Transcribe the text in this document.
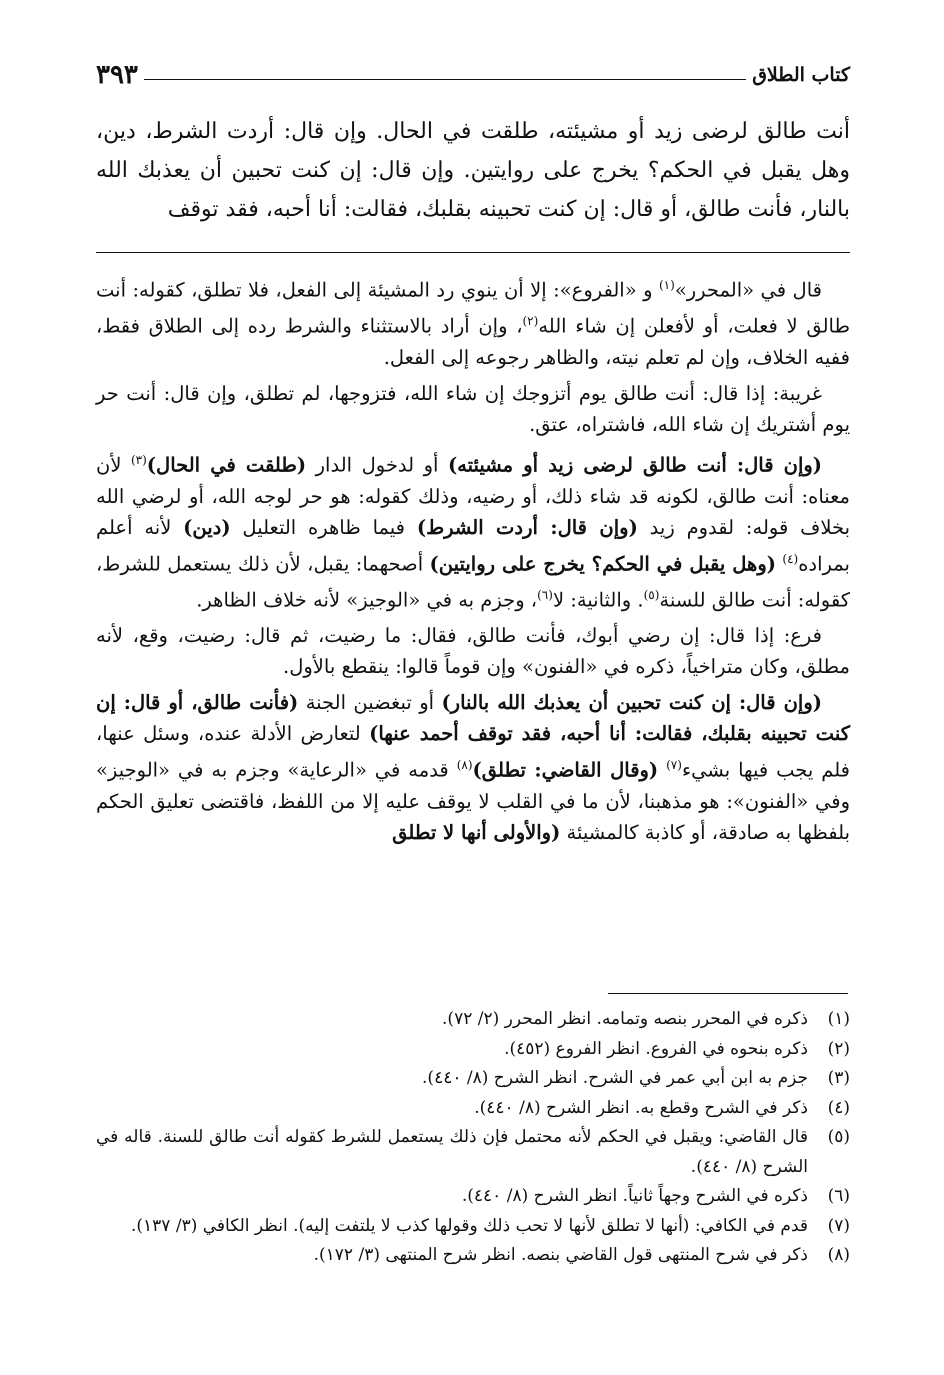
كتاب الطلاق
٣٩٣
أنت طالق لرضى زيد أو مشيئته، طلقت في الحال. وإن قال: أردت الشرط، دين، وهل يقبل في الحكم؟ يخرج على روايتين. وإن قال: إن كنت تحبين أن يعذبك الله بالنار، فأنت طالق، أو قال: إن كنت تحبينه بقلبك، فقالت: أنا أحبه، فقد توقف
قال في «المحرر»$^{(١)}$ و «الفروع»: إلا أن ينوي رد المشيئة إلى الفعل، فلا تطلق، كقوله: أنت طالق لا فعلت، أو لأفعلن إن شاء الله$^{(٢)}$، وإن أراد بالاستثناء والشرط رده إلى الطلاق فقط، ففيه الخلاف، وإن لم تعلم نيته، والظاهر رجوعه إلى الفعل.
غريبة: إذا قال: أنت طالق يوم أتزوجك إن شاء الله، فتزوجها، لم تطلق، وإن قال: أنت حر يوم أشتريك إن شاء الله، فاشتراه، عتق.
(وإن قال: أنت طالق لرضى زيد أو مشيئته) أو لدخول الدار (طلقت في الحال)$^{(٣)}$ لأن معناه: أنت طالق، لكونه قد شاء ذلك، أو رضيه، وذلك كقوله: هو حر لوجه الله، أو لرضي الله بخلاف قوله: لقدوم زيد (وإن قال: أردت الشرط) فيما ظاهره التعليل (دين) لأنه أعلم بمراده$^{(٤)}$ (وهل يقبل في الحكم؟ يخرج على روايتين) أصحهما: يقبل، لأن ذلك يستعمل للشرط، كقوله: أنت طالق للسنة$^{(٥)}$. والثانية: لا$^{(٦)}$، وجزم به في «الوجيز» لأنه خلاف الظاهر.
فرع: إذا قال: إن رضي أبوك، فأنت طالق، فقال: ما رضيت، ثم قال: رضيت، وقع، لأنه مطلق، وكان متراخياً، ذكره في «الفنون» وإن قوماً قالوا: ينقطع بالأول.
(وإن قال: إن كنت تحبين أن يعذبك الله بالنار) أو تبغضين الجنة (فأنت طالق، أو قال: إن كنت تحبينه بقلبك، فقالت: أنا أحبه، فقد توقف أحمد عنها) لتعارض الأدلة عنده، وسئل عنها، فلم يجب فيها بشيء$^{(٧)}$ (وقال القاضي: تطلق)$^{(٨)}$ قدمه في «الرعاية» وجزم به في «الوجيز» وفي «الفنون»: هو مذهبنا، لأن ما في القلب لا يوقف عليه إلا من اللفظ، فاقتضى تعليق الحكم بلفظها به صادقة، أو كاذبة كالمشيئة (والأولى أنها لا تطلق
(١)
ذكره في المحرر بنصه وتمامه. انظر المحرر (٢/ ٧٢).
(٢)
ذكره بنحوه في الفروع. انظر الفروع (٤٥٢).
(٣)
جزم به ابن أبي عمر في الشرح. انظر الشرح (٨/ ٤٤٠).
(٤)
ذكر في الشرح وقطع به. انظر الشرح (٨/ ٤٤٠).
(٥)
قال القاضي: ويقبل في الحكم لأنه محتمل فإن ذلك يستعمل للشرط كقوله أنت طالق للسنة. قاله في الشرح (٨/ ٤٤٠).
(٦)
ذكره في الشرح وجهاً ثانياً. انظر الشرح (٨/ ٤٤٠).
(٧)
قدم في الكافي: (أنها لا تطلق لأنها لا تحب ذلك وقولها كذب لا يلتفت إليه). انظر الكافي (٣/ ١٣٧).
(٨)
ذكر في شرح المنتهى قول القاضي بنصه. انظر شرح المنتهى (٣/ ١٧٢).
